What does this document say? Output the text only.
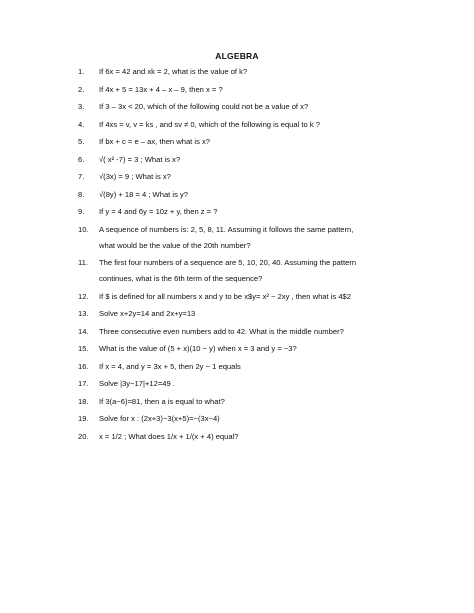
ALGEBRA
1.	If 6x = 42 and xk = 2, what is the value of k?
2.	If 4x + 5 = 13x + 4 – x – 9, then x = ?
3.	If 3 – 3x < 20, which of the following could not be a value of x?
4.	If 4xs = v, v = ks , and sv ≠ 0, which of the following is equal to k ?
5.	If bx + c = e – ax, then what is x?
6.	√( x² -7) = 3 ; What is x?
7.	√(3x) = 9 ; What is x?
8.	√(8y) + 18 = 4 ; What is y?
9.	If y = 4 and 6y = 10z + y, then z = ?
10.	A sequence of numbers is: 2, 5, 8, 11. Assuming it follows the same pattern,
what would be the value of the 20th number?
11.	The first four numbers of a sequence are 5, 10, 20, 40. Assuming the pattern
continues, what is the 6th term of the sequence?
12.	If $ is defined for all numbers x and y to be x$y= x² − 2xy , then what is 4$2
13.	Solve x+2y=14 and 2x+y=13
14.	Three consecutive even numbers add to 42. What is the middle number?
15.	What is the value of (5 + x)(10 − y) when x = 3 and y = −3?
16.	If x = 4, and y = 3x + 5, then 2y − 1 equals
17.	Solve |3y−17|+12=49 .
18.	If 3(a−6)=81, then a is equal to what?
19.	Solve for x : (2x+3)−3(x+5)=−(3x−4)
20.	x = 1/2 ; What does 1/x + 1/(x + 4) equal?
